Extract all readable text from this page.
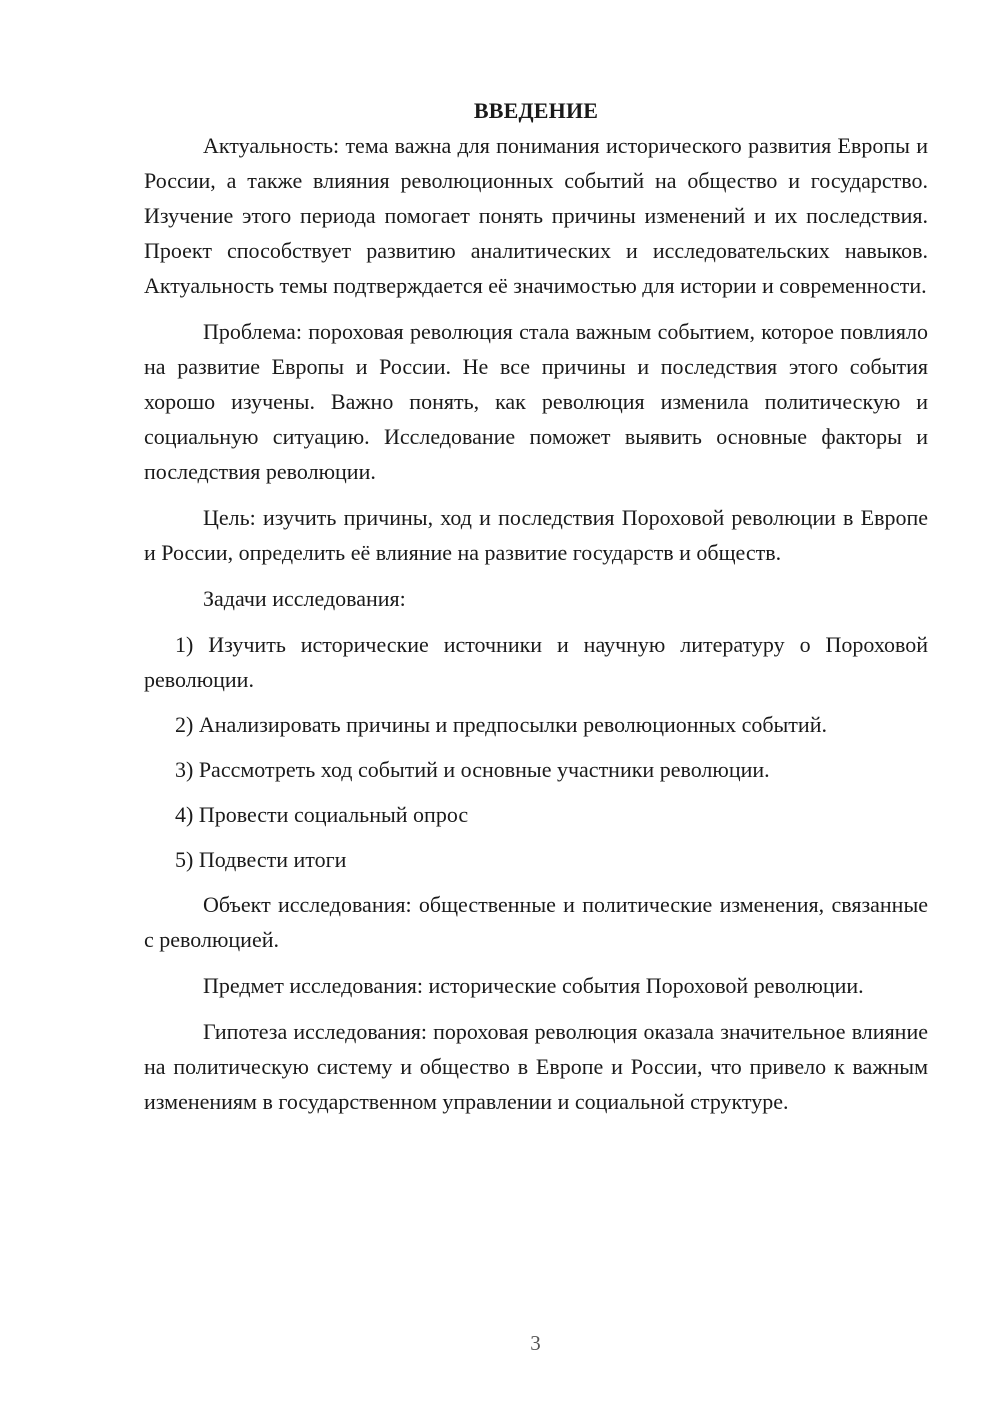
ВВЕДЕНИЕ

Актуальность: тема важна для понимания исторического развития Европы и России, а также влияния революционных событий на общество и государство. Изучение этого периода помогает понять причины изменений и их последствия. Проект способствует развитию аналитических и исследовательских навыков. Актуальность темы подтверждается её значимостью для истории и современности.

Проблема: пороховая революция стала важным событием, которое повлияло на развитие Европы и России. Не все причины и последствия этого события хорошо изучены. Важно понять, как революция изменила политическую и социальную ситуацию. Исследование поможет выявить основные факторы и последствия революции.

Цель: изучить причины, ход и последствия Пороховой революции в Европе и России, определить её влияние на развитие государств и обществ.

Задачи исследования:

1) Изучить исторические источники и научную литературу о Пороховой революции.
2) Анализировать причины и предпосылки революционных событий.
3) Рассмотреть ход событий и основные участники революции.
4) Провести социальный опрос
5) Подвести итоги

Объект исследования: общественные и политические изменения, связанные с революцией.

Предмет исследования: исторические события Пороховой революции.

Гипотеза исследования: пороховая революция оказала значительное влияние на политическую систему и общество в Европе и России, что привело к важным изменениям в государственном управлении и социальной структуре.

3
